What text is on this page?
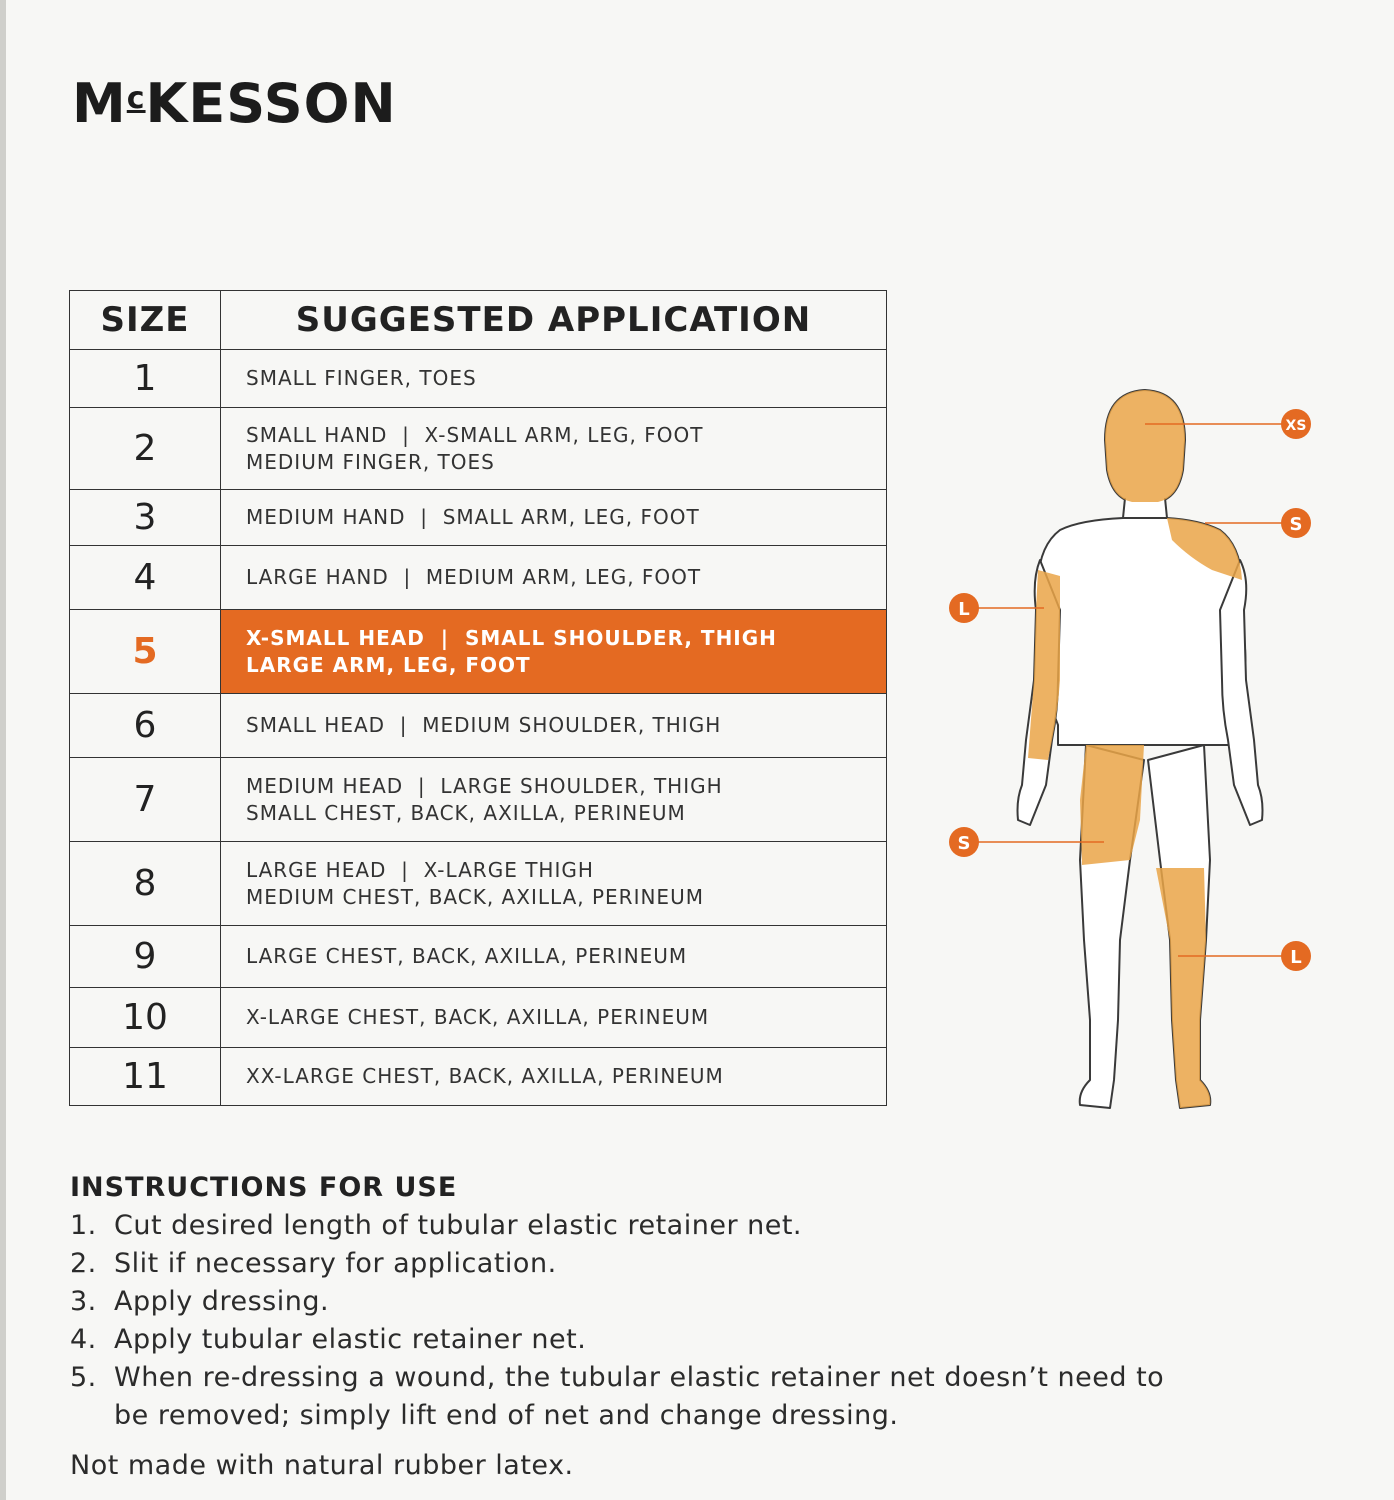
$M^cKESSON$
SIZE	SUGGESTED APPLICATION
1	SMALL FINGER, TOES

2	SMALL HAND  |  X-SMALL ARM, LEG, FOOT
MEDIUM FINGER, TOES

3	MEDIUM HAND  |  SMALL ARM, LEG, FOOT

4	LARGE HAND  |  MEDIUM ARM, LEG, FOOT

5	X-SMALL HEAD  |  SMALL SHOULDER, THIGH
LARGE ARM, LEG, FOOT

6	SMALL HEAD  |  MEDIUM SHOULDER, THIGH

7	MEDIUM HEAD  |  LARGE SHOULDER, THIGH
SMALL CHEST, BACK, AXILLA, PERINEUM

8	LARGE HEAD  |  X-LARGE THIGH
MEDIUM CHEST, BACK, AXILLA, PERINEUM

9	LARGE CHEST, BACK, AXILLA, PERINEUM

10	X-LARGE CHEST, BACK, AXILLA, PERINEUM

11	XX-LARGE CHEST, BACK, AXILLA, PERINEUM
XS
S
L
S
L
INSTRUCTIONS FOR USE
1. Cut desired length of tubular elastic retainer net.
2. Slit if necessary for application.
3. Apply dressing.
4. Apply tubular elastic retainer net.
5. When re-dressing a wound, the tubular elastic retainer net doesn’t need to be removed; simply lift end of net and change dressing.
Not made with natural rubber latex.
